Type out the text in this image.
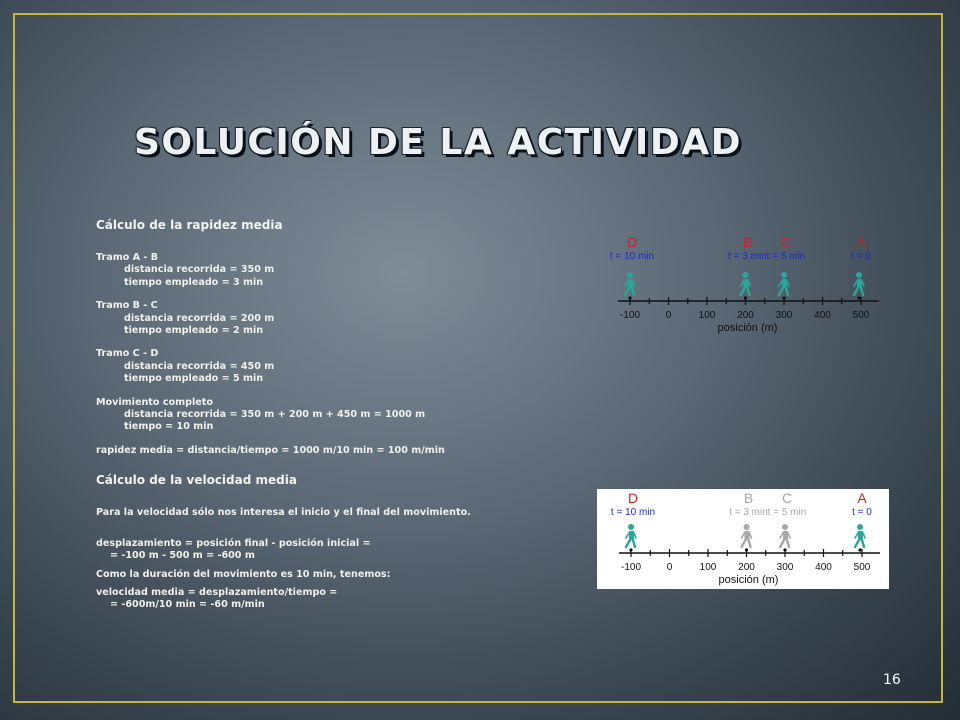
SOLUCIÓN DE LA ACTIVIDAD
Cálculo de la rapidez media
Tramo A - B
distancia recorrida = 350 m
tiempo empleado = 3 min
Tramo B - C
distancia recorrida = 200 m
tiempo empleado = 2 min
Tramo C - D
distancia recorrida = 450 m
tiempo empleado = 5 min
Movimiento completo
distancia recorrida = 350 m + 200 m + 450 m = 1000 m
tiempo = 10 min
rapidez media = distancia/tiempo = 1000 m/10 min = 100 m/min
Cálculo de la velocidad media
Para la velocidad sólo nos interesa el inicio y el final del movimiento.
desplazamiento = posición final - posición inicial =
= -100 m - 500 m = -600 m
Como la duración del movimiento es 10 min, tenemos:
velocidad media = desplazamiento/tiempo =
= -600m/10 min = -60 m/min
-100	0	100 200 300 400 500
posición (m)
D
t = 10 min
B
t = 3 min
C
t = 5 min
A
t = 0
-100	0	100 200 300 400 500
posición (m)
D
t = 10 min
B
t = 3 min
C
t = 5 min
A
t = 0
16
